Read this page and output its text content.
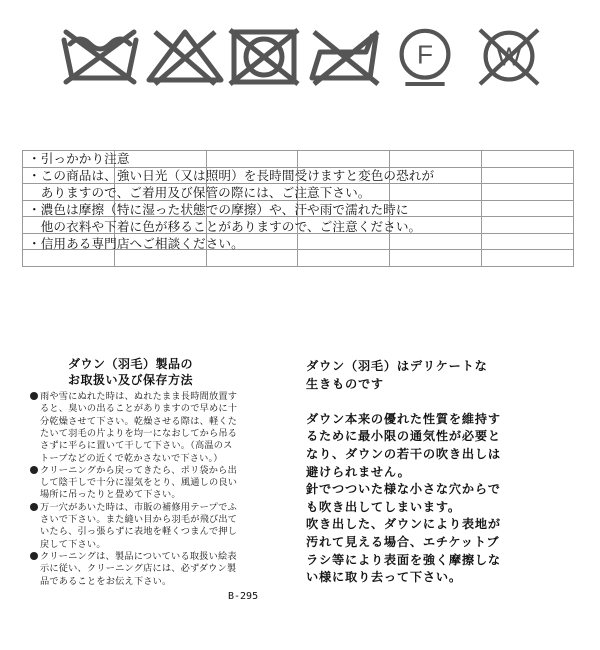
F W

・引っかかり注意
・この商品は、強い日光（又は照明）を長時間受けますと変色の恐れが
　ありますので、ご着用及び保管の際には、ご注意下さい。
・濃色は摩擦（特に湿った状態での摩擦）や、汗や雨で濡れた時に
　他の衣料や下着に色が移ることがありますので、ご注意ください。
・信用ある専門店へご相談ください。
ダウン（羽毛）製品の
お取扱い及び保存方法
雨や雪にぬれた時は、ぬれたまま長時間放置す
ると、臭いの出ることがありますので早めに十
分乾燥させて下さい。乾燥させる際は、軽くた
たいて羽毛の片よりを均一になおしてから吊る
さずに平らに置いて干して下さい。（高温のス
トーブなどの近くで乾かさないで下さい。）
クリーニングから戻ってきたら、ポリ袋から出
して陰干しで十分に湿気をとり、風通しの良い
場所に吊ったりと畳めて下さい。
万一穴があいた時は、市販の補修用テープでふ
さいで下さい。また縫い目から羽毛が飛び出て
いたら、引っ張らずに表地を軽くつまんで押し
戻して下さい。
クリーニングは、製品についている取扱い絵表
示に従い、クリーニング店には、必ずダウン製
品であることをお伝え下さい。
B-295
ダウン（羽毛）はデリケートな
生きものです
ダウン本来の優れた性質を維持す
るために最小限の通気性が必要と
なり、ダウンの若干の吹き出しは
避けられません。
針でつついた様な小さな穴からで
も吹き出してしまいます。
吹き出した、ダウンにより表地が
汚れて見える場合、エチケットブ
ラシ等により表面を強く摩擦しな
い様に取り去って下さい。
